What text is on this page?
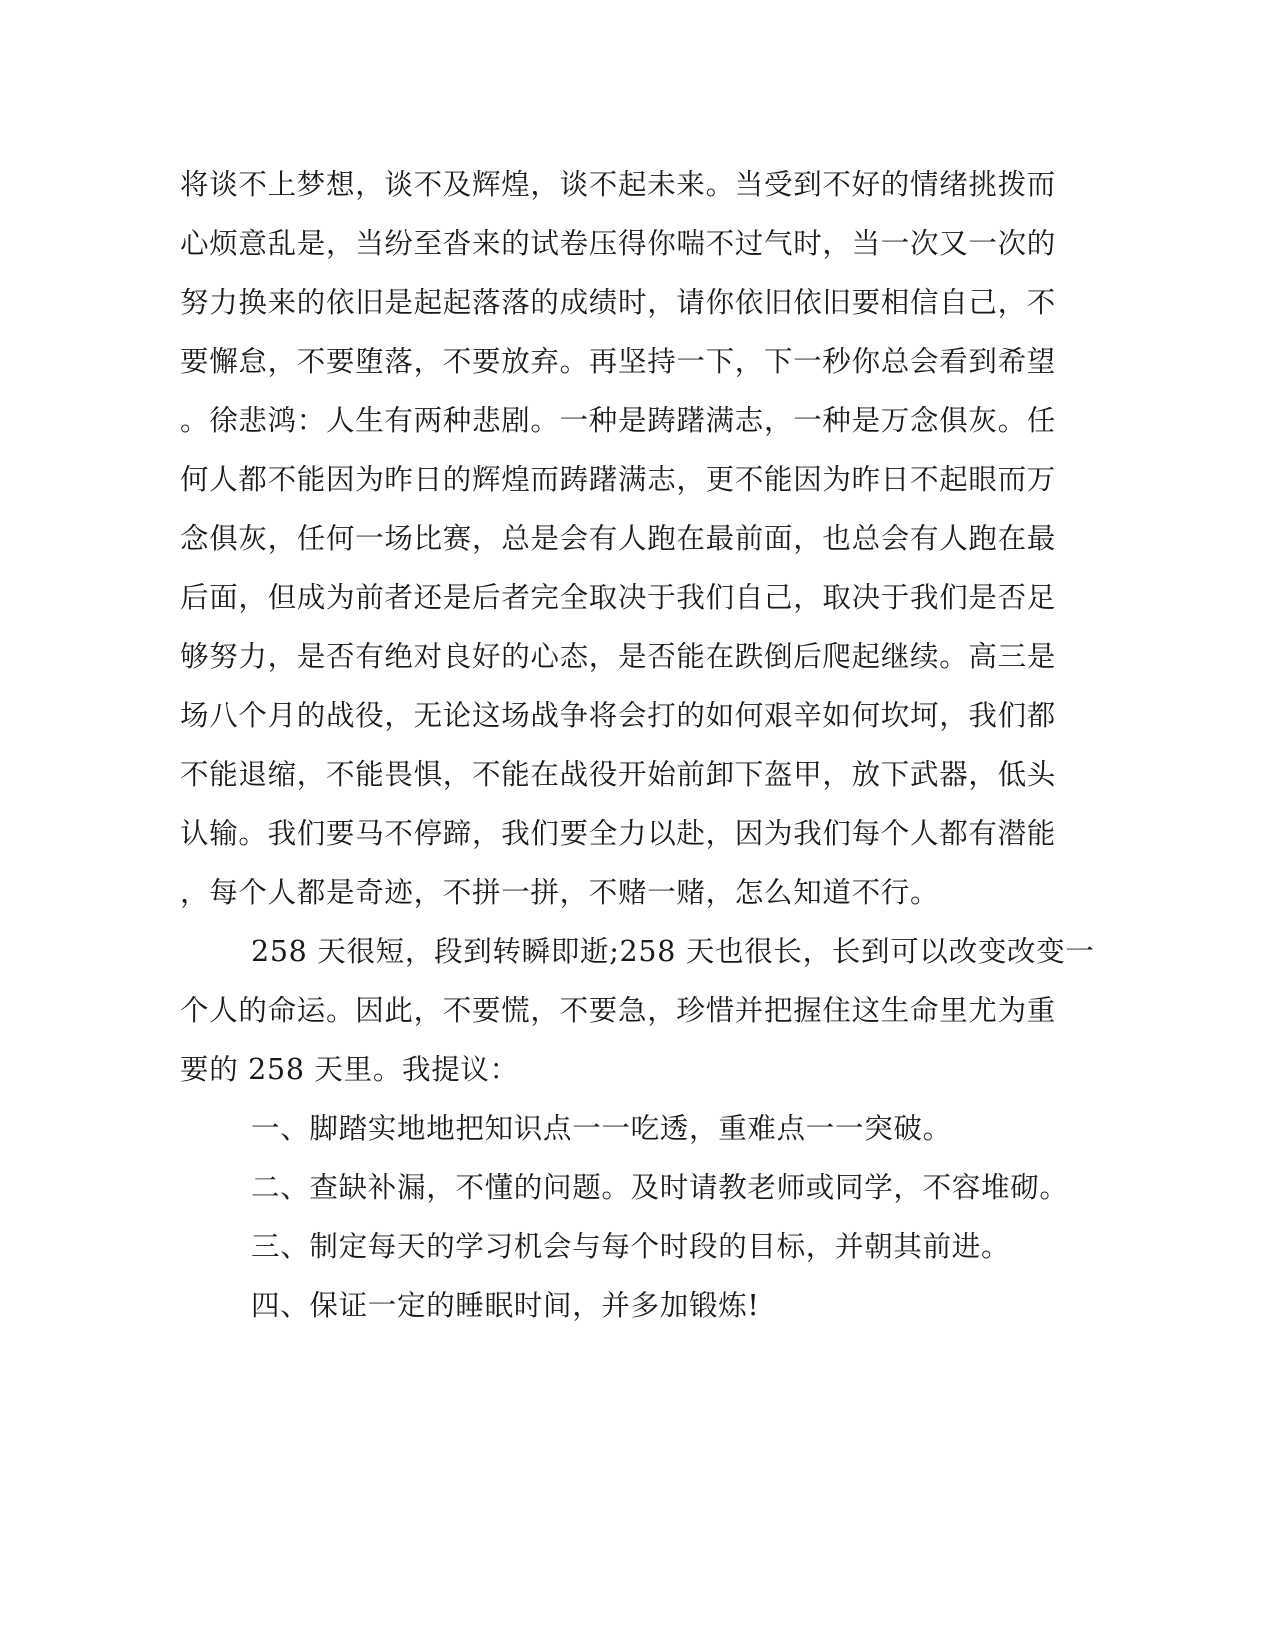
将谈不上梦想，谈不及辉煌，谈不起未来。当受到不好的情绪挑拨而
心烦意乱是，当纷至沓来的试卷压得你喘不过气时，当一次又一次的
努力换来的依旧是起起落落的成绩时，请你依旧依旧要相信自己，不
要懈怠，不要堕落，不要放弃。再坚持一下，下一秒你总会看到希望
。徐悲鸿：人生有两种悲剧。一种是踌躇满志，一种是万念俱灰。任
何人都不能因为昨日的辉煌而踌躇满志，更不能因为昨日不起眼而万
念俱灰，任何一场比赛，总是会有人跑在最前面，也总会有人跑在最
后面，但成为前者还是后者完全取决于我们自己，取决于我们是否足
够努力，是否有绝对良好的心态，是否能在跌倒后爬起继续。高三是
场八个月的战役，无论这场战争将会打的如何艰辛如何坎坷，我们都
不能退缩，不能畏惧，不能在战役开始前卸下盔甲，放下武器，低头
认输。我们要马不停蹄，我们要全力以赴，因为我们每个人都有潜能
，每个人都是奇迹，不拼一拼，不赌一赌，怎么知道不行。
258 天很短，段到转瞬即逝;258 天也很长，长到可以改变改变一
个人的命运。因此，不要慌，不要急，珍惜并把握住这生命里尤为重
要的 258 天里。我提议：
一、脚踏实地地把知识点一一吃透，重难点一一突破。
二、查缺补漏，不懂的问题。及时请教老师或同学，不容堆砌。
三、制定每天的学习机会与每个时段的目标，并朝其前进。
四、保证一定的睡眠时间，并多加锻炼!
